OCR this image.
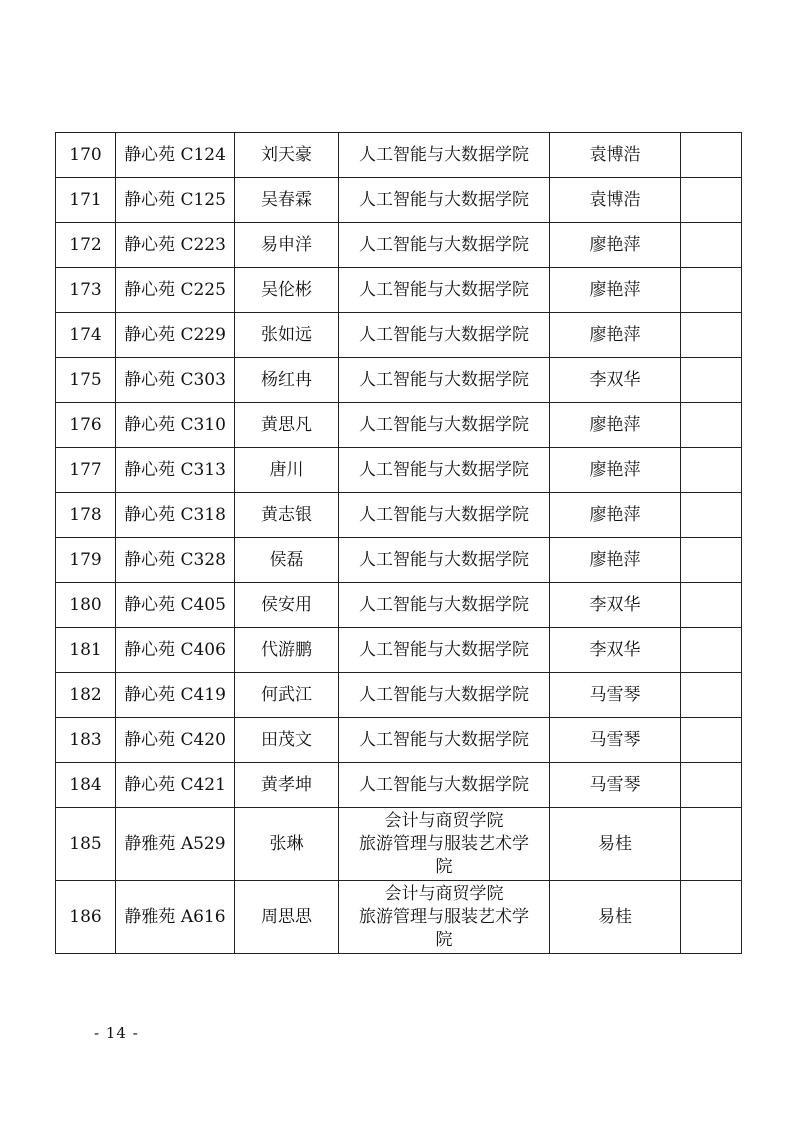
170	静心苑 C124	刘天豪	人工智能与大数据学院	袁博浩	
171	静心苑 C125	吴春霖	人工智能与大数据学院	袁博浩	
172	静心苑 C223	易申洋	人工智能与大数据学院	廖艳萍	
173	静心苑 C225	吴伦彬	人工智能与大数据学院	廖艳萍	
174	静心苑 C229	张如远	人工智能与大数据学院	廖艳萍	
175	静心苑 C303	杨红冉	人工智能与大数据学院	李双华	
176	静心苑 C310	黄思凡	人工智能与大数据学院	廖艳萍	
177	静心苑 C313	唐川	人工智能与大数据学院	廖艳萍	
178	静心苑 C318	黄志银	人工智能与大数据学院	廖艳萍	
179	静心苑 C328	侯磊	人工智能与大数据学院	廖艳萍	
180	静心苑 C405	侯安用	人工智能与大数据学院	李双华	
181	静心苑 C406	代游鹏	人工智能与大数据学院	李双华	
182	静心苑 C419	何武江	人工智能与大数据学院	马雪琴	
183	静心苑 C420	田茂文	人工智能与大数据学院	马雪琴	
184	静心苑 C421	黄孝坤	人工智能与大数据学院	马雪琴	
185	静雅苑 A529	张琳	会计与商贸学院
旅游管理与服装艺术学
院	易桂	
186	静雅苑 A616	周思思	会计与商贸学院
旅游管理与服装艺术学
院	易桂	
- 14 -
